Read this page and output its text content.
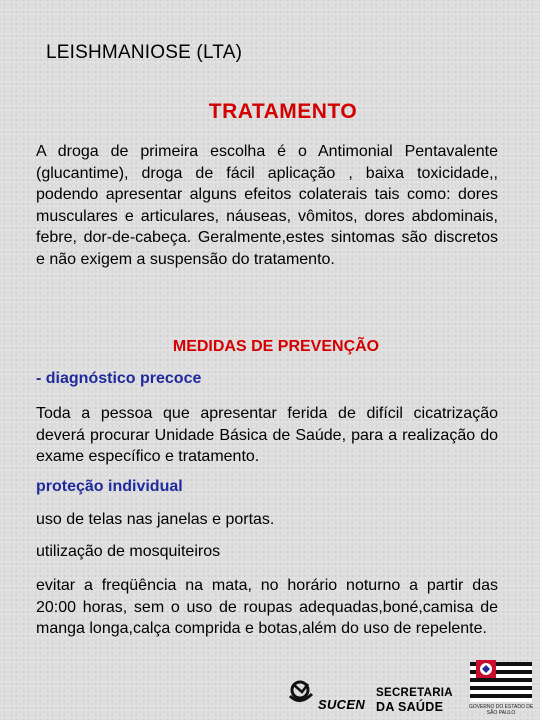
LEISHMANIOSE (LTA)
TRATAMENTO
A droga de primeira escolha é o Antimonial Pentavalente (glucantime), droga de fácil aplicação , baixa toxicidade,, podendo apresentar alguns efeitos colaterais tais como: dores musculares e articulares, náuseas, vômitos, dores abdominais, febre, dor-de-cabeça. Geralmente,estes sintomas são discretos e não exigem a suspensão do tratamento.
MEDIDAS DE PREVENÇÃO
- diagnóstico precoce
Toda a pessoa que apresentar ferida de difícil cicatrização deverá procurar Unidade Básica de Saúde, para a realização do exame específico e tratamento.
proteção individual
uso de telas nas janelas e portas.
utilização de mosquiteiros
evitar a freqüência na mata, no horário noturno a partir das 20:00 horas, sem o uso de roupas adequadas,boné,camisa de manga longa,calça comprida e botas,além do uso de repelente.
SUCEN
SECRETARIA
DA SAÚDE	GOVERNO DO ESTADO DE SÃO PAULO
